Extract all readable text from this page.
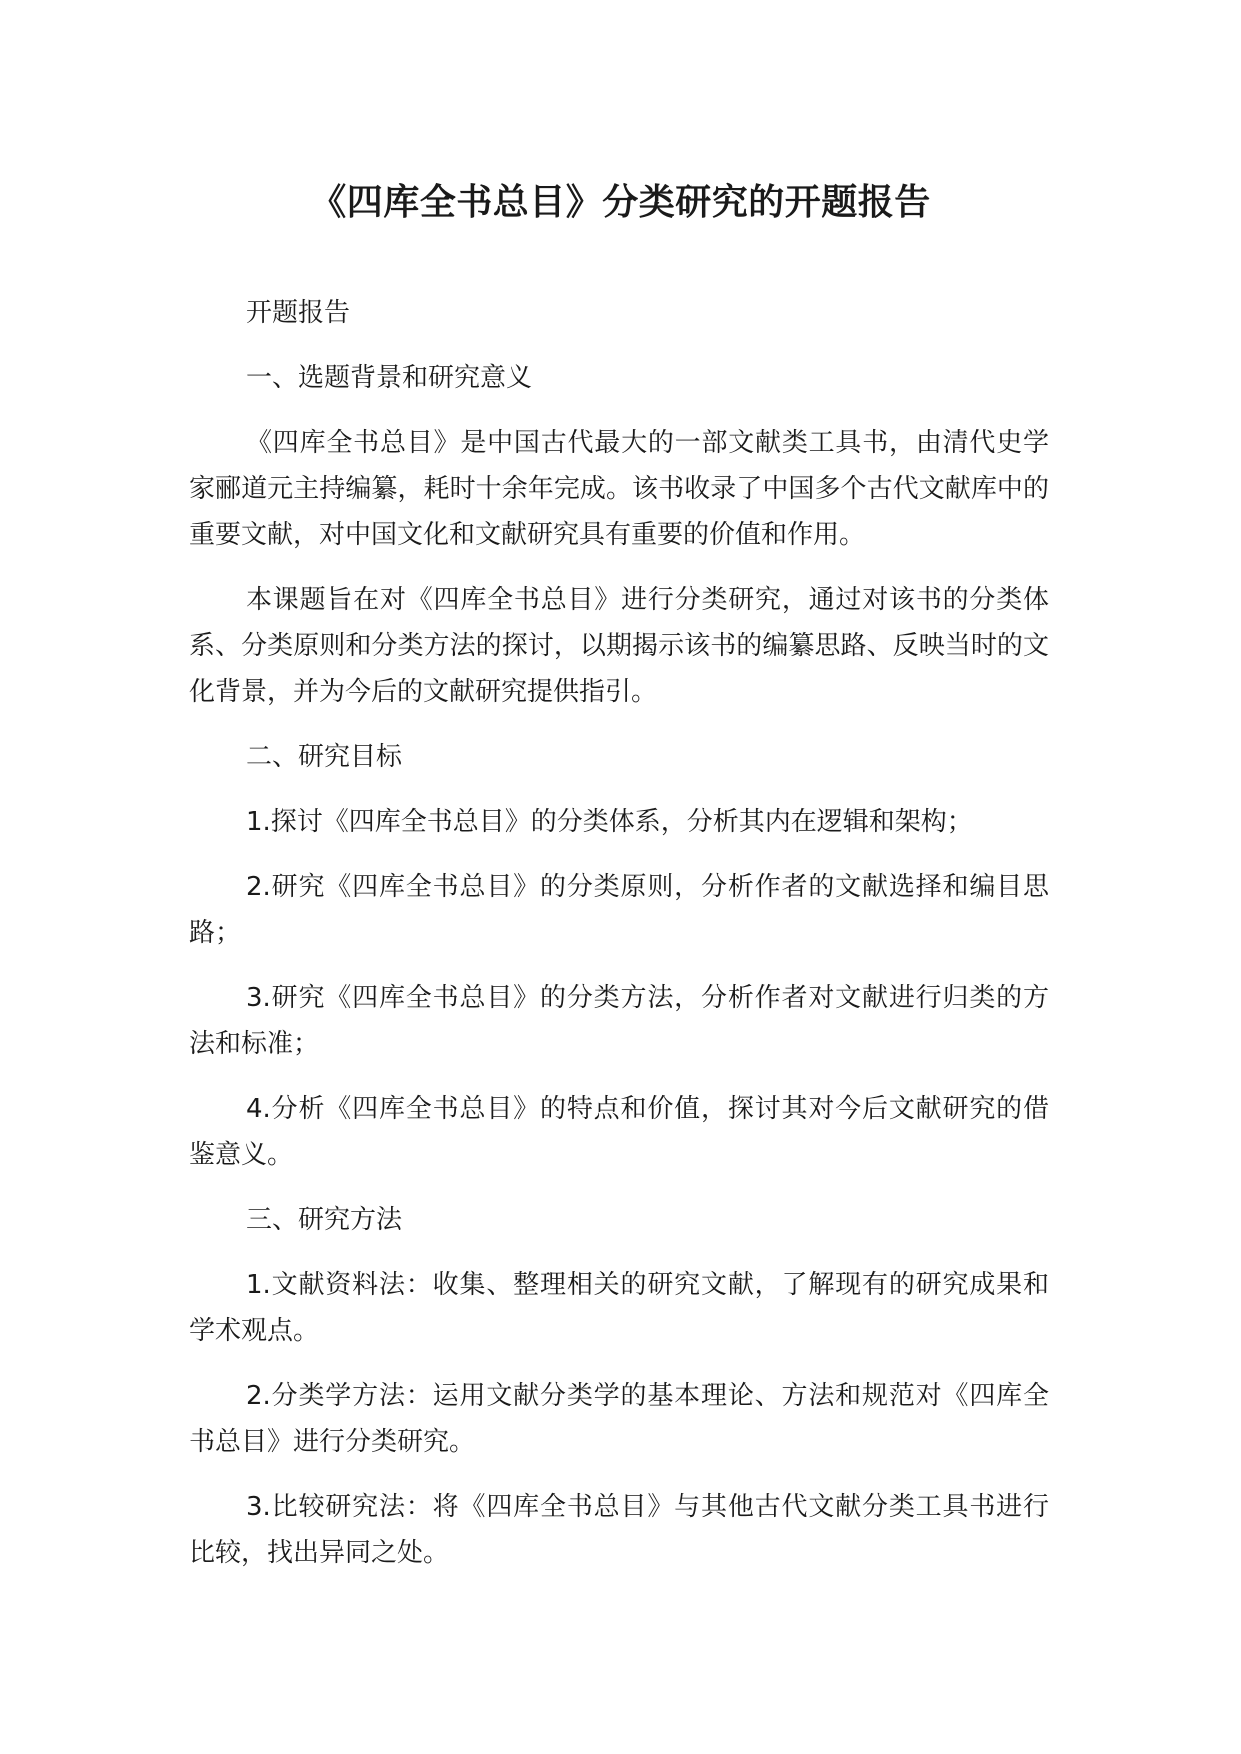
《四库全书总目》分类研究的开题报告

开题报告

一、选题背景和研究意义

《四库全书总目》是中国古代最大的一部文献类工具书，由清代史学家郦道元主持编纂，耗时十余年完成。该书收录了中国多个古代文献库中的重要文献，对中国文化和文献研究具有重要的价值和作用。

本课题旨在对《四库全书总目》进行分类研究，通过对该书的分类体系、分类原则和分类方法的探讨，以期揭示该书的编纂思路、反映当时的文化背景，并为今后的文献研究提供指引。

二、研究目标

1.探讨《四库全书总目》的分类体系，分析其内在逻辑和架构；

2.研究《四库全书总目》的分类原则，分析作者的文献选择和编目思路；

3.研究《四库全书总目》的分类方法，分析作者对文献进行归类的方法和标准；

4.分析《四库全书总目》的特点和价值，探讨其对今后文献研究的借鉴意义。

三、研究方法

1.文献资料法：收集、整理相关的研究文献，了解现有的研究成果和学术观点。

2.分类学方法：运用文献分类学的基本理论、方法和规范对《四库全书总目》进行分类研究。

3.比较研究法：将《四库全书总目》与其他古代文献分类工具书进行比较，找出异同之处。
